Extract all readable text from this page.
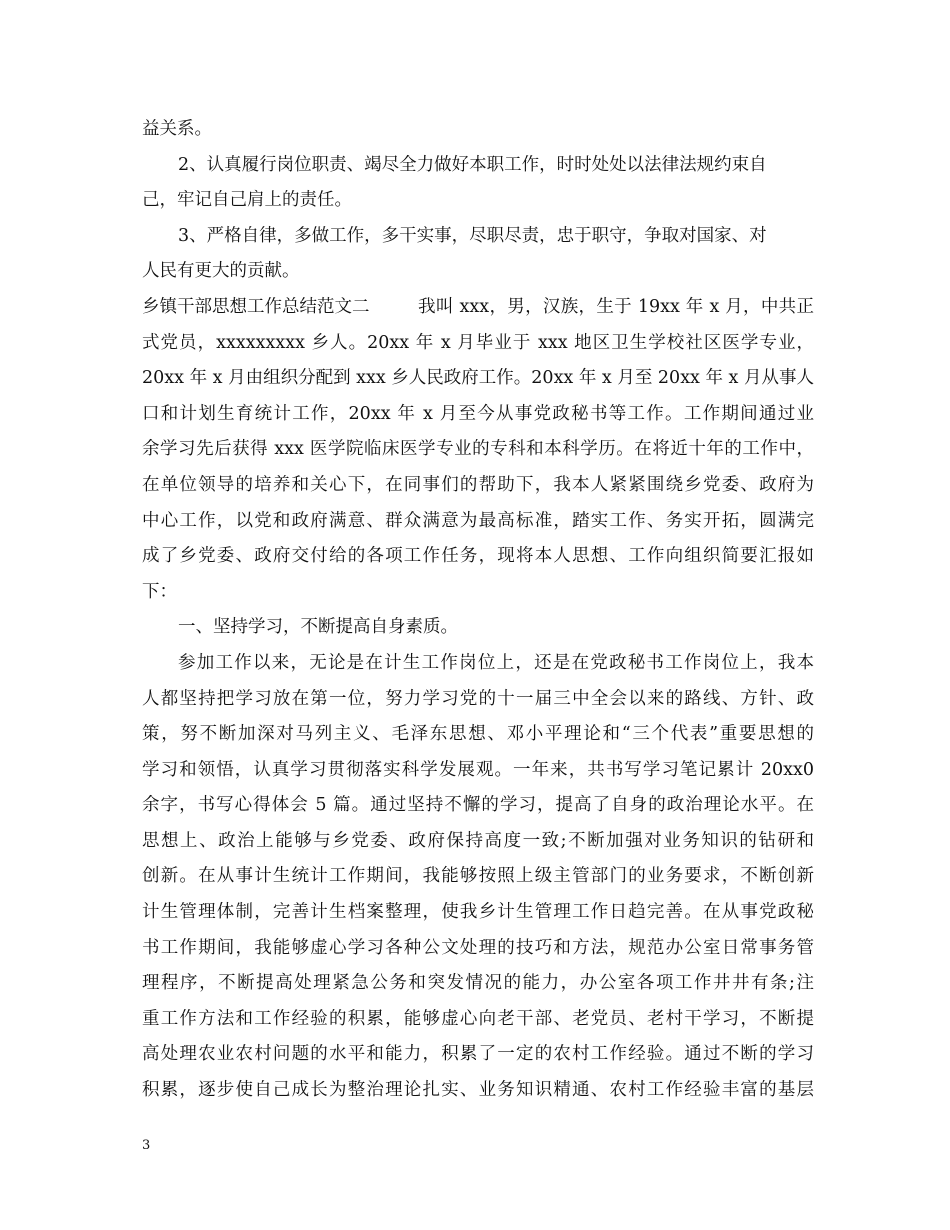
益关系。
2、认真履行岗位职责、竭尽全力做好本职工作，时时处处以法律法规约束自
己，牢记自己肩上的责任。
3、严格自律，多做工作，多干实事，尽职尽责，忠于职守，争取对国家、对
人民有更大的贡献。
乡镇干部思想工作总结范文二	我叫 xxx，男，汉族，生于 19xx 年 x 月，中共正
式党员，xxxxxxxxx 乡人。20xx 年 x 月毕业于 xxx 地区卫生学校社区医学专业，
20xx 年 x 月由组织分配到 xxx 乡人民政府工作。20xx 年 x 月至 20xx 年 x 月从事人
口和计划生育统计工作，20xx 年 x 月至今从事党政秘书等工作。工作期间通过业
余学习先后获得 xxx 医学院临床医学专业的专科和本科学历。在将近十年的工作中，
在单位领导的培养和关心下，在同事们的帮助下，我本人紧紧围绕乡党委、政府为
中心工作，以党和政府满意、群众满意为最高标准，踏实工作、务实开拓，圆满完
成了乡党委、政府交付给的各项工作任务，现将本人思想、工作向组织简要汇报如
下：
一、坚持学习，不断提高自身素质。
参加工作以来，无论是在计生工作岗位上，还是在党政秘书工作岗位上，我本
人都坚持把学习放在第一位，努力学习党的十一届三中全会以来的路线、方针、政
策，努不断加深对马列主义、毛泽东思想、邓小平理论和“三个代表”重要思想的
学习和领悟，认真学习贯彻落实科学发展观。一年来，共书写学习笔记累计 20xx0
余字，书写心得体会 5 篇。通过坚持不懈的学习，提高了自身的政治理论水平。在
思想上、政治上能够与乡党委、政府保持高度一致;不断加强对业务知识的钻研和
创新。在从事计生统计工作期间，我能够按照上级主管部门的业务要求，不断创新
计生管理体制，完善计生档案整理，使我乡计生管理工作日趋完善。在从事党政秘
书工作期间，我能够虚心学习各种公文处理的技巧和方法，规范办公室日常事务管
理程序，不断提高处理紧急公务和突发情况的能力，办公室各项工作井井有条;注
重工作方法和工作经验的积累，能够虚心向老干部、老党员、老村干学习，不断提
高处理农业农村问题的水平和能力，积累了一定的农村工作经验。通过不断的学习
积累，逐步使自己成长为整治理论扎实、业务知识精通、农村工作经验丰富的基层
3
